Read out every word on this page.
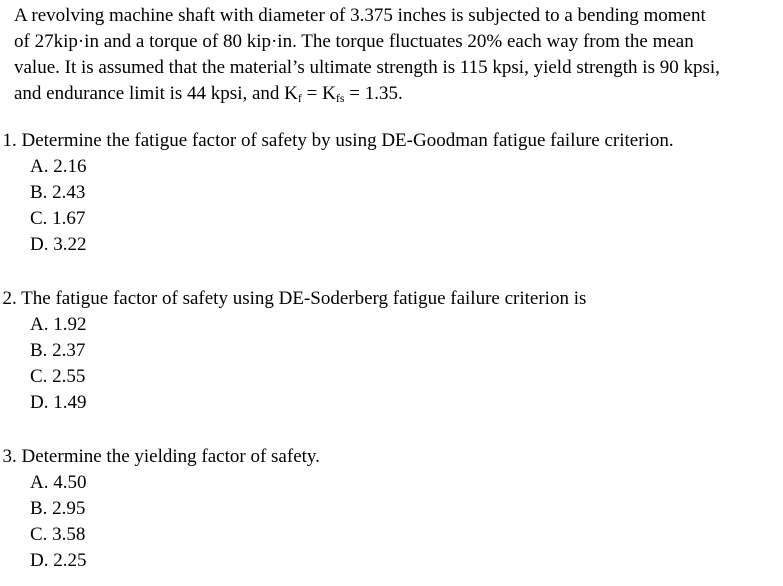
A revolving machine shaft with diameter of 3.375 inches is subjected to a bending moment
of 27kip·in and a torque of 80 kip·in. The torque fluctuates 20% each way from the mean
value. It is assumed that the material’s ultimate strength is 115 kpsi, yield strength is 90 kpsi,
and endurance limit is 44 kpsi, and $K_f = K_{fs} = 1.35$.
1. Determine the fatigue factor of safety by using DE-Goodman fatigue failure criterion.
A. 2.16
B. 2.43
C. 1.67
D. 3.22
2. The fatigue factor of safety using DE-Soderberg fatigue failure criterion is
A. 1.92
B. 2.37
C. 2.55
D. 1.49
3. Determine the yielding factor of safety.
A. 4.50
B. 2.95
C. 3.58
D. 2.25
